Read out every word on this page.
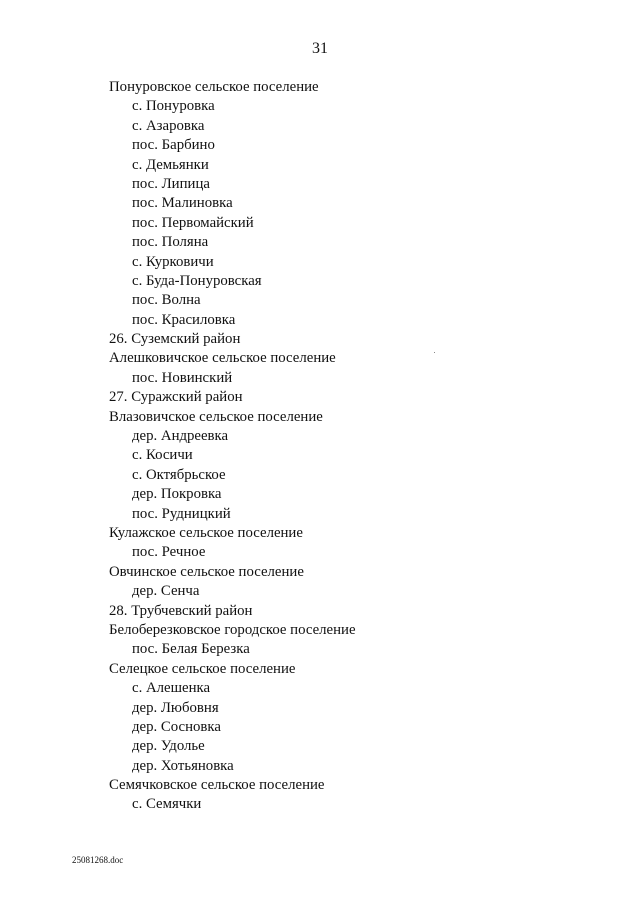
31
Понуровское сельское поселение
с. Понуровка
с. Азаровка
пос. Барбино
с. Демьянки
пос. Липица
пос. Малиновка
пос. Первомайский
пос. Поляна
с. Курковичи
с. Буда-Понуровская
пос. Волна
пос. Красиловка
26. Суземский район
Алешковичское сельское поселение
пос. Новинский
27. Суражский район
Влазовичское сельское поселение
дер. Андреевка
с. Косичи
с. Октябрьское
дер. Покровка
пос. Рудницкий
Кулажское сельское поселение
пос. Речное
Овчинское сельское поселение
дер. Сенча
28. Трубчевский район
Белоберезковское городское поселение
пос. Белая Березка
Селецкое сельское поселение
с. Алешенка
дер. Любовня
дер. Сосновка
дер. Удолье
дер. Хотьяновка
Семячковское сельское поселение
с. Семячки
25081268.doc
